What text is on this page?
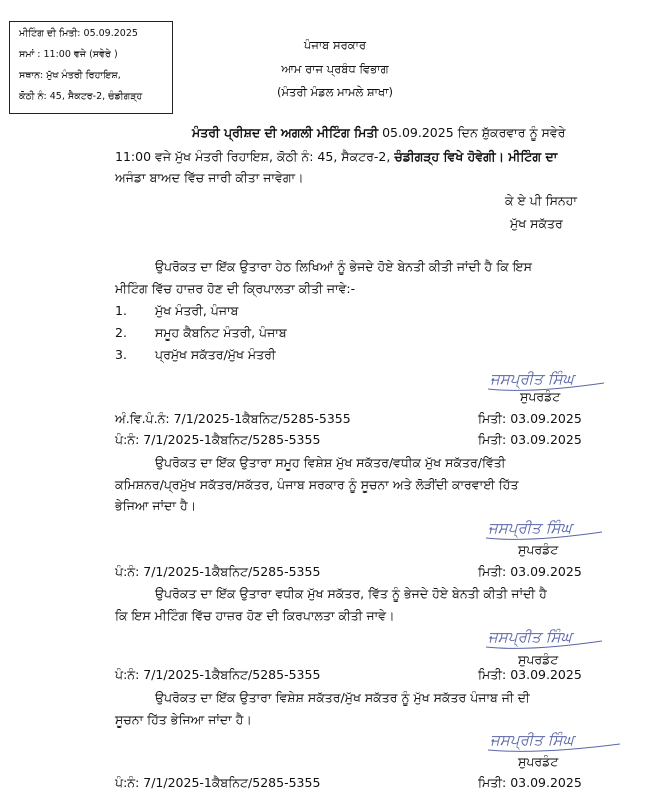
ਮੀਟਿੰਗ ਦੀ ਮਿਤੀ: 05.09.2025
ਸਮਾਂ : 11:00 ਵਜੇ (ਸਵੇਰੇ )
ਸਥਾਨ: ਮੁੱਖ ਮੰਤਰੀ ਰਿਹਾਇਸ਼,
ਕੋਠੀ ਨੰ: 45, ਸੈਕਟਰ-2, ਚੰਡੀਗੜ੍ਹ
ਪੰਜਾਬ ਸਰਕਾਰ
ਆਮ ਰਾਜ ਪ੍ਰਬੰਧ ਵਿਭਾਗ
(ਮੰਤਰੀ ਮੰਡਲ ਮਾਮਲੇ ਸ਼ਾਖਾ)
ਮੰਤਰੀ ਪ੍ਰੀਸ਼ਦ ਦੀ ਅਗਲੀ ਮੀਟਿੰਗ ਮਿਤੀ 05.09.2025 ਦਿਨ ਸ਼ੁੱਕਰਵਾਰ ਨੂੰ ਸਵੇਰੇ
11:00 ਵਜੇ ਮੁੱਖ ਮੰਤਰੀ ਰਿਹਾਇਸ਼, ਕੋਠੀ ਨੰ: 45, ਸੈਕਟਰ-2, ਚੰਡੀਗੜ੍ਹ ਵਿਖੇ ਹੋਵੇਗੀ। ਮੀਟਿੰਗ ਦਾ
ਅਜੰਡਾ ਬਾਅਦ ਵਿੱਚ ਜਾਰੀ ਕੀਤਾ ਜਾਵੇਗਾ।
ਕੇ ਏ ਪੀ ਸਿਨਹਾ
ਮੁੱਖ ਸਕੱਤਰ
ਉਪਰੋਕਤ ਦਾ ਇੱਕ ਉਤਾਰਾ ਹੇਠ ਲਿਖਿਆਂ ਨੂੰ ਭੇਜਦੇ ਹੋਏ ਬੇਨਤੀ ਕੀਤੀ ਜਾਂਦੀ ਹੈ ਕਿ ਇਸ
ਮੀਟਿੰਗ ਵਿੱਚ ਹਾਜ਼ਰ ਹੋਣ ਦੀ ਕ੍ਰਿਪਾਲਤਾ ਕੀਤੀ ਜਾਵੇ:-
1. ਮੁੱਖ ਮੰਤਰੀ, ਪੰਜਾਬ
2. ਸਮੂਹ ਕੈਬਨਿਟ ਮੰਤਰੀ, ਪੰਜਾਬ
3. ਪ੍ਰਮੁੱਖ ਸਕੱਤਰ/ਮੁੱਖ ਮੰਤਰੀ
ਜਸਪ੍ਰੀਤ ਸਿੰਘ
ਸੁਪਰਡੰਟ
ਅੰ.ਵਿ.ਪੰ.ਨੰ: 7/1/2025-1ਕੈਬਨਿਟ/5285-5355	ਮਿਤੀ: 03.09.2025
ਪੰ:ਨੰ: 7/1/2025-1ਕੈਬਨਿਟ/5285-5355	ਮਿਤੀ: 03.09.2025
ਉਪਰੋਕਤ ਦਾ ਇੱਕ ਉਤਾਰਾ ਸਮੂਹ ਵਿਸ਼ੇਸ਼ ਮੁੱਖ ਸਕੱਤਰ/ਵਧੀਕ ਮੁੱਖ ਸਕੱਤਰ/ਵਿੱਤੀ
ਕਮਿਸ਼ਨਰ/ਪ੍ਰਮੁੱਖ ਸਕੱਤਰ/ਸਕੱਤਰ, ਪੰਜਾਬ ਸਰਕਾਰ ਨੂੰ ਸੂਚਨਾ ਅਤੇ ਲੋੜੀਂਦੀ ਕਾਰਵਾਈ ਹਿੱਤ
ਭੇਜਿਆ ਜਾਂਦਾ ਹੈ।
ਜਸਪ੍ਰੀਤ ਸਿੰਘ
ਸੁਪਰਡੰਟ
ਪੰ:ਨੰ: 7/1/2025-1ਕੈਬਨਿਟ/5285-5355	ਮਿਤੀ: 03.09.2025
ਉਪਰੋਕਤ ਦਾ ਇੱਕ ਉਤਾਰਾ ਵਧੀਕ ਮੁੱਖ ਸਕੱਤਰ, ਵਿੱਤ ਨੂੰ ਭੇਜਦੇ ਹੋਏ ਬੇਨਤੀ ਕੀਤੀ ਜਾਂਦੀ ਹੈ
ਕਿ ਇਸ ਮੀਟਿੰਗ ਵਿੱਚ ਹਾਜ਼ਰ ਹੋਣ ਦੀ ਕਿਰਪਾਲਤਾ ਕੀਤੀ ਜਾਵੇ।
ਜਸਪ੍ਰੀਤ ਸਿੰਘ
ਸੁਪਰਡੰਟ
ਪੰ:ਨੰ: 7/1/2025-1ਕੈਬਨਿਟ/5285-5355	ਮਿਤੀ: 03.09.2025
ਉਪਰੋਕਤ ਦਾ ਇੱਕ ਉਤਾਰਾ ਵਿਸ਼ੇਸ਼ ਸਕੱਤਰ/ਮੁੱਖ ਸਕੱਤਰ ਨੂੰ ਮੁੱਖ ਸਕੱਤਰ ਪੰਜਾਬ ਜੀ ਦੀ
ਸੂਚਨਾ ਹਿੱਤ ਭੇਜਿਆ ਜਾਂਦਾ ਹੈ।
ਜਸਪ੍ਰੀਤ ਸਿੰਘ
ਸੁਪਰਡੰਟ
ਪੰ:ਨੰ: 7/1/2025-1ਕੈਬਨਿਟ/5285-5355	ਮਿਤੀ: 03.09.2025
